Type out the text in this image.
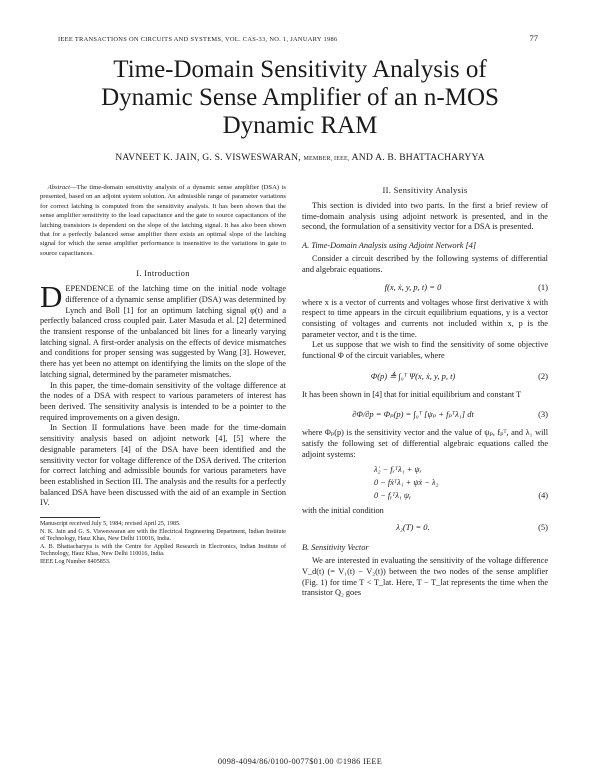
IEEE TRANSACTIONS ON CIRCUITS AND SYSTEMS, VOL. CAS-33, NO. 1, JANUARY 1986	77
Time-Domain Sensitivity Analysis of
Dynamic Sense Amplifier of an n-MOS
Dynamic RAM
NAVNEET K. JAIN, G. S. VISWESWARAN, MEMBER, IEEE, AND A. B. BHATTACHARYYA

Abstract—The time-domain sensitivity analysis of a dynamic sense amplifier (DSA) is presented, based on an adjoint system solution. An admissible range of parameter variations for correct latching is computed from the sensitivity analysis. It has been shown that the sense amplifier sensitivity to the load capacitance and the gate to source capacitances of the latching transistors is dependent on the slope of the latching signal. It has also been shown that for a perfectly balanced sense amplifier there exists an optimal slope of the latching signal for which the sense amplifier performance is insensitive to the variations in gate to source capacitances.

I. Introduction

DEPENDENCE of the latching time on the initial node voltage difference of a dynamic sense amplifier (DSA) was determined by Lynch and Boll [1] for an optimum latching signal φ(t) and a perfectly balanced cross coupled pair. Later Masuda et al. [2] determined the transient response of the unbalanced bit lines for a linearly varying latching signal. A first-order analysis on the effects of device mismatches and conditions for proper sensing was suggested by Wang [3]. However, there has yet been no attempt on identifying the limits on the slope of the latching signal, determined by the parameter mismatches.

In this paper, the time-domain sensitivity of the voltage difference at the nodes of a DSA with respect to various parameters of interest has been derived. The sensitivity analysis is intended to be a pointer to the required improvements on a given design.

In Section II formulations have been made for the time-domain sensitivity analysis based on adjoint network [4], [5] where the designable parameters [4] of the DSA have been identified and the sensitivity vector for voltage difference of the DSA derived. The criterion for correct latching and admissible bounds for various parameters have been established in Section III. The analysis and the results for a perfectly balanced DSA have been discussed with the aid of an example in Section IV.

Manuscript received July 5, 1984; revised April 25, 1985.

N. K. Jain and G. S. Visweswaran are with the Electrical Engineering Department, Indian Institute of Technology, Hauz Khas, New Delhi 110016, India.

A. B. Bhattacharyya is with the Centre for Applied Research in Electronics, Indian Institute of Technology, Hauz Khas, New Delhi 110016, India.

IEEE Log Number 8405853.

II. Sensitivity Analysis

This section is divided into two parts. In the first a brief review of time-domain analysis using adjoint network is presented, and in the second, the formulation of a sensitivity vector for a DSA is presented.

A. Time-Domain Analysis using Adjoint Network [4]

Consider a circuit described by the following systems of differential and algebraic equations.

f(x, ẋ, y, p, t) = 0	(1)

where x is a vector of currents and voltages whose first derivative ẋ with respect to time appears in the circuit equilibrium equations, y is a vector consisting of voltages and currents not included within x, p is the parameter vector, and t is the time.

Let us suppose that we wish to find the sensitivity of some objective functional Φ of the circuit variables, where

Φ(p) ≜ ∫₀ᵀ Ψ(x, ẋ, y, p, t)	(2)

It has been shown in [4] that for initial equilibrium and constant T

∂Φ/∂p = Φₚ(p) = ∫₀ᵀ [ψₚ + fₚᵀλ₁] dt	(3)

where Φₚ(p) is the sensitivity vector and the value of ψₚ, fₚᵀ, and λ₁ will satisfy the following set of differential algebraic equations called the adjoint systems:

λ̇₂ − fₓᵀλ₁ + ψₓ
0 − fẋᵀλ₁ + ψẋ − λ₂
0 − fᵧᵀλ₁ ψᵧ	(4)

with the initial condition

λ₂(T) = 0.	(5)
B. Sensitivity Vector

We are interested in evaluating the sensitivity of the voltage difference V_d(t) (= V₁(t) − V₂(t)) between the two nodes of the sense amplifier (Fig. 1) for time T < T_lat. Here, T − T_lat represents the time when the transistor Q₂ goes

0098-4094/86/0100-0077$01.00 ©1986 IEEE
